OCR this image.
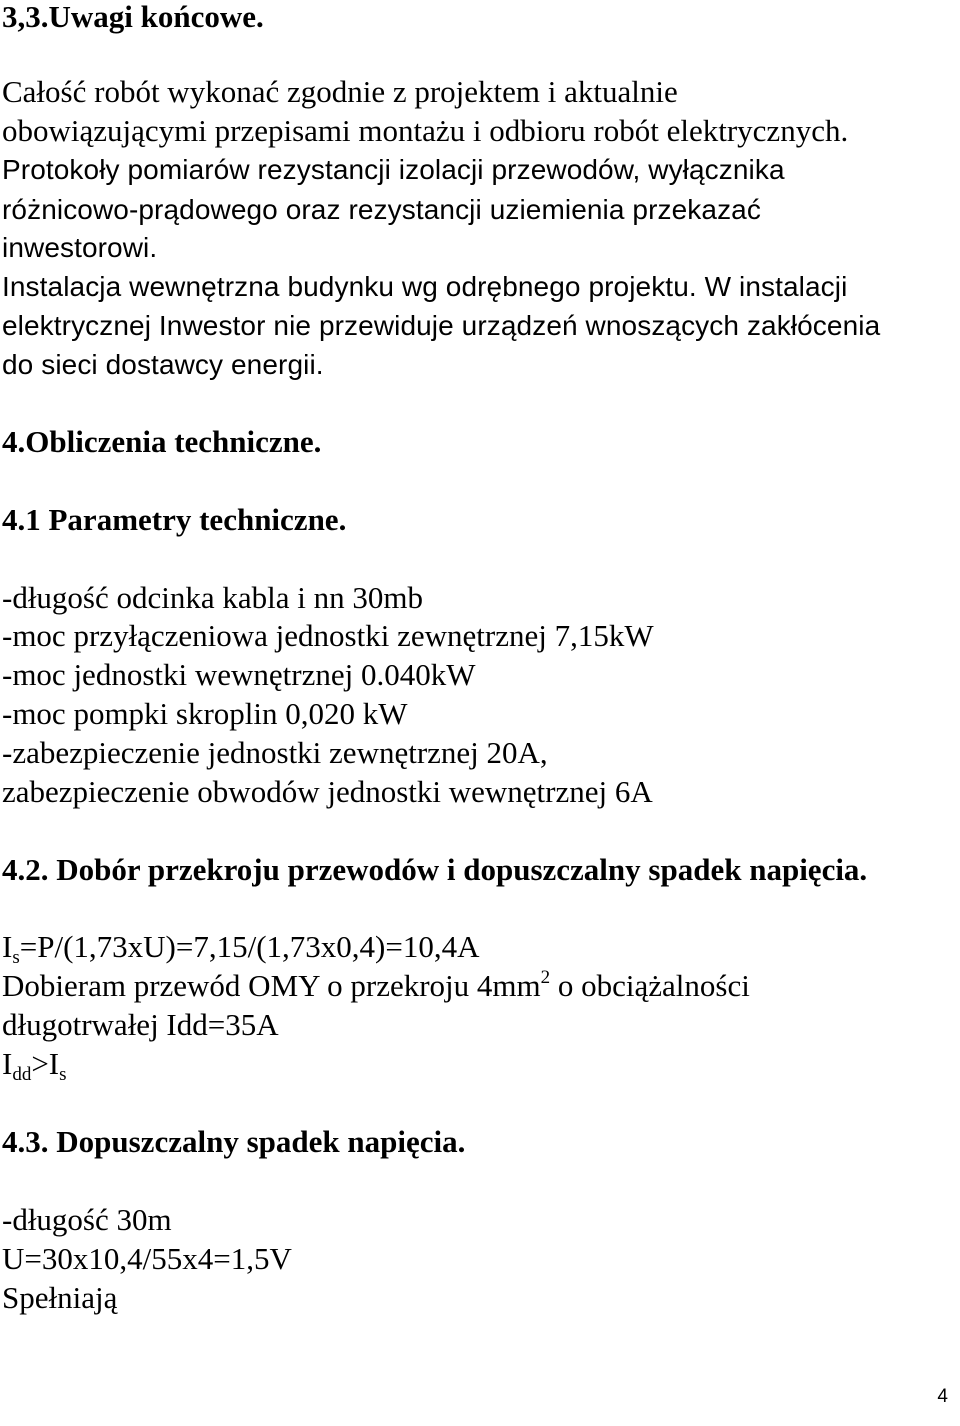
3,3.Uwagi końcowe.
Całość robót wykonać zgodnie z projektem i aktualnie
obowiązującymi przepisami montażu i odbioru robót elektrycznych.
Protokoły pomiarów rezystancji izolacji przewodów, wyłącznika
różnicowo-prądowego oraz rezystancji uziemienia przekazać
inwestorowi.
Instalacja wewnętrzna budynku wg odrębnego projektu. W instalacji
elektrycznej Inwestor nie przewiduje urządzeń wnoszących zakłócenia
do sieci dostawcy energii.
4.Obliczenia techniczne.
4.1 Parametry techniczne.
-długość odcinka kabla i nn 30mb
-moc przyłączeniowa jednostki zewnętrznej 7,15kW
-moc jednostki wewnętrznej 0.040kW
-moc pompki skroplin 0,020 kW
-zabezpieczenie jednostki zewnętrznej 20A,
zabezpieczenie obwodów jednostki wewnętrznej 6A
4.2. Dobór przekroju przewodów i dopuszczalny spadek napięcia.
$I_s=P/(1,73xU)=7,15/(1,73x0,4)=10,4A$
Dobieram przewód OMY o przekroju $4mm^2$ o obciążalności
długotrwałej Idd=35A
$I_{dd}>I_s$
4.3. Dopuszczalny spadek napięcia.
-długość 30m
U=30x10,4/55x4=1,5V
Spełniają
4
